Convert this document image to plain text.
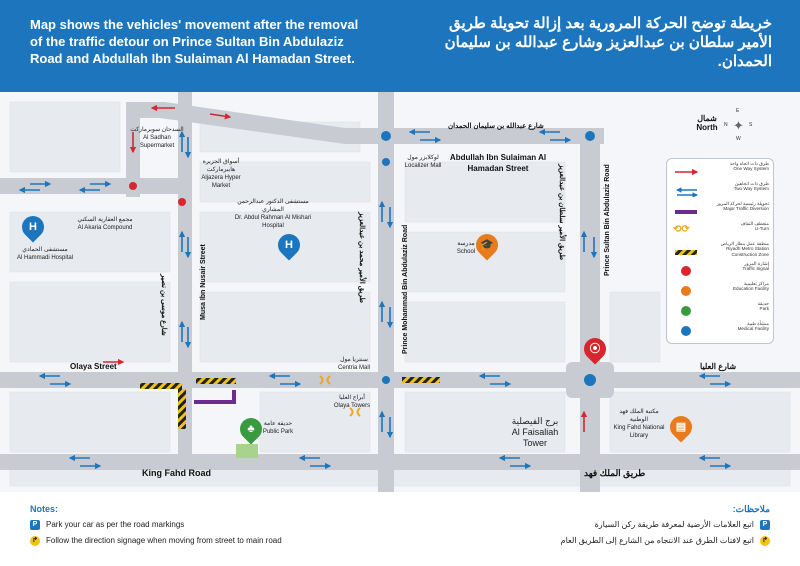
Map shows the vehicles' movement after the removal of the traffic detour on Prince Sultan Bin Abdulaziz Road and Abdullah Ibn Sulaiman Al Hamadan Street.
خريطة توضح الحركة المرورية بعد إزالة تحويلة طريق الأمير سلطان بن عبدالعزيز وشارع عبدالله بن سليمان الحمدان.
شمال
North
E
W
N	S
✦
شارع عبدالله بن سليمان الحمدان
Abdullah Ibn Sulaiman Al Hamadan Street
Olaya Street	شارع العليا
King Fahd Road	طريق الملك فهد
شارع موسى بن نصير	Musa Ibn Nusair Street	طريق الأمير محمد بن عبدالعزيز	Prince Mohammad Bin Abdulaziz Road
طريق الأمير سلطان بن عبدالعزيز	Prince Sultan Bin Abdulaziz Road
السدحان سوبرماركت
Al Sadhan Supermarket
أسواق الجزيرة هايبرماركت
Aljazera Hyper Market
مستشفى الدكتور عبدالرحمن المشاري
Dr. Abdul Rahman Al Mishari Hospital
لوكلايزر مول
Localizer Mall
مجمع العقارية السكني
Al Akaria Compound
مستشفى الحمادي
Al Hammadi Hospital
مدرسة
School
سنتريا مول
Centria Mall
أبراج العليا
Olaya Towers
حديقة عامة
Public Park
برج الفيصلية
Al Faisaliah Tower
مكتبة الملك فهد الوطنية
King Fahd National Library
H
H	🎓
♣	▤
⦿
طرق ذات اتجاه واحد
One Way System
طرق ذات اتجاهين
Two Way System
تحويلة رئيسية لحركة المرور
Major Traffic Diversion
⟲⟳
منعطف التفاف
U-Turn
منطقة عمل مطار الرياض
Riyadh Metro Station Construction Zone
إشارة المرور
Traffic Signal
مراكز تعليمية
Education Facility
حديقة
Park
منشأة طبية
Medical Facility
Notes:	ملاحظات:
P	Park your car as per the road markings	P
اتبع العلامات الأرضية لمعرفة طريقة ركن السيارة
↱ Follow the direction signage when moving from street to main road	↱
اتبع لافتات الطرق عند الانتجاه من الشارع إلى الطريق العام
